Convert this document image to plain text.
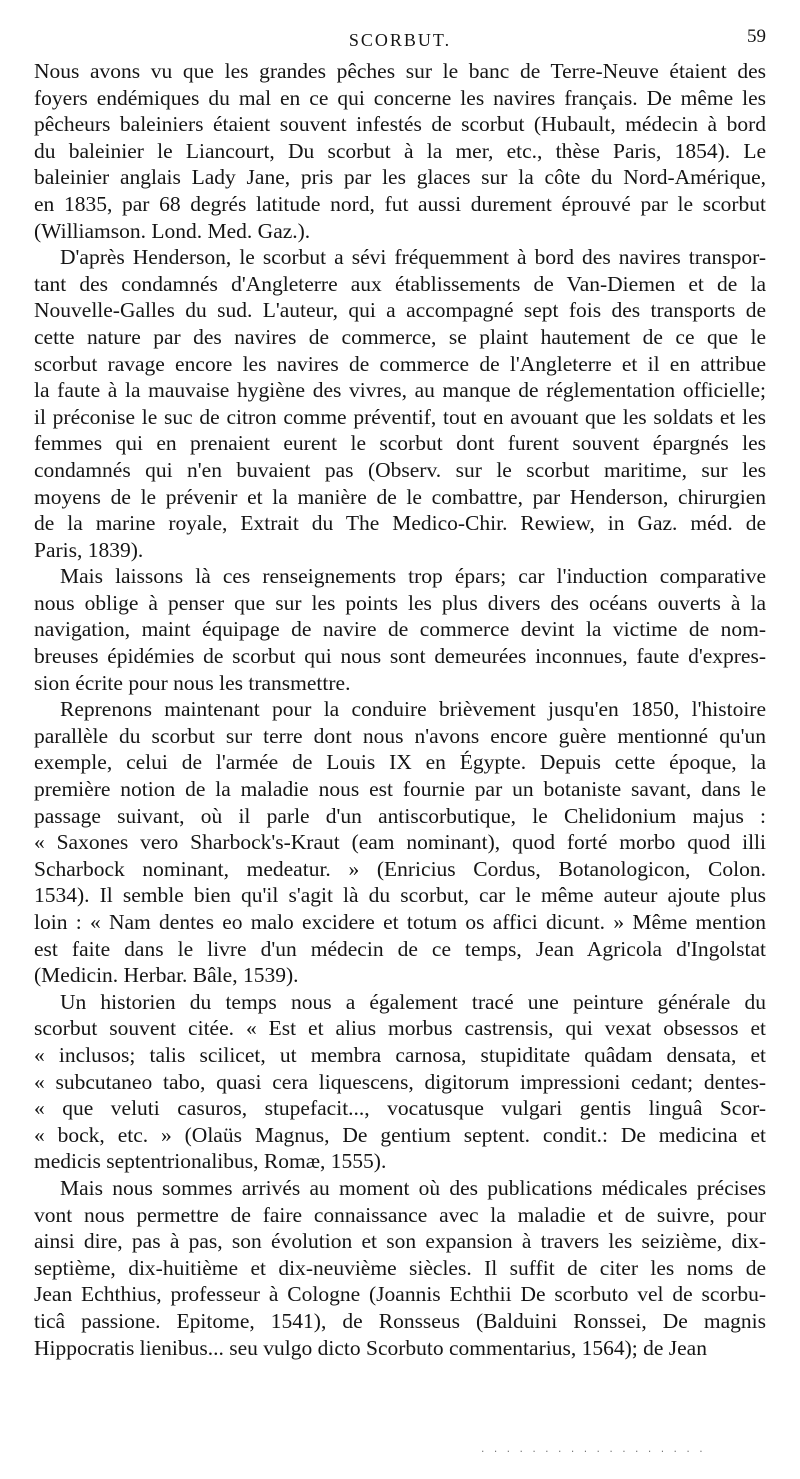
SCORBUT.	59

Nous avons vu que les grandes pêches sur le banc de Terre-Neuve étaient des
foyers endémiques du mal en ce qui concerne les navires français. De même les
pêcheurs baleiniers étaient souvent infestés de scorbut (Hubault, médecin à bord
du baleinier le Liancourt, Du scorbut à la mer, etc., thèse Paris, 1854). Le
baleinier anglais Lady Jane, pris par les glaces sur la côte du Nord-Amérique,
en 1835, par 68 degrés latitude nord, fut aussi durement éprouvé par le scorbut
(Williamson. Lond. Med. Gaz.).

D'après Henderson, le scorbut a sévi fréquemment à bord des navires transpor-
tant des condamnés d'Angleterre aux établissements de Van-Diemen et de la
Nouvelle-Galles du sud. L'auteur, qui a accompagné sept fois des transports de
cette nature par des navires de commerce, se plaint hautement de ce que le
scorbut ravage encore les navires de commerce de l'Angleterre et il en attribue
la faute à la mauvaise hygiène des vivres, au manque de réglementation officielle;
il préconise le suc de citron comme préventif, tout en avouant que les soldats et les
femmes qui en prenaient eurent le scorbut dont furent souvent épargnés les
condamnés qui n'en buvaient pas (Observ. sur le scorbut maritime, sur les
moyens de le prévenir et la manière de le combattre, par Henderson, chirurgien
de la marine royale, Extrait du The Medico-Chir. Rewiew, in Gaz. méd. de
Paris, 1839).

Mais laissons là ces renseignements trop épars; car l'induction comparative
nous oblige à penser que sur les points les plus divers des océans ouverts à la
navigation, maint équipage de navire de commerce devint la victime de nom-
breuses épidémies de scorbut qui nous sont demeurées inconnues, faute d'expres-
sion écrite pour nous les transmettre.

Reprenons maintenant pour la conduire brièvement jusqu'en 1850, l'histoire
parallèle du scorbut sur terre dont nous n'avons encore guère mentionné qu'un
exemple, celui de l'armée de Louis IX en Égypte. Depuis cette époque, la
première notion de la maladie nous est fournie par un botaniste savant, dans le
passage suivant, où il parle d'un antiscorbutique, le Chelidonium majus :
« Saxones vero Sharbock's-Kraut (eam nominant), quod forté morbo quod illi
Scharbock nominant, medeatur. » (Enricius Cordus, Botanologicon, Colon.
1534). Il semble bien qu'il s'agit là du scorbut, car le même auteur ajoute plus
loin : « Nam dentes eo malo excidere et totum os affici dicunt. » Même mention
est faite dans le livre d'un médecin de ce temps, Jean Agricola d'Ingolstat
(Medicin. Herbar. Bâle, 1539).

Un historien du temps nous a également tracé une peinture générale du
scorbut souvent citée. « Est et alius morbus castrensis, qui vexat obsessos et
« inclusos; talis scilicet, ut membra carnosa, stupiditate quâdam densata, et
« subcutaneo tabo, quasi cera liquescens, digitorum impressioni cedant; dentes-
« que veluti casuros, stupefacit..., vocatusque vulgari gentis linguâ Scor-
« bock, etc. » (Olaüs Magnus, De gentium septent. condit.: De medicina et
medicis septentrionalibus, Romæ, 1555).

Mais nous sommes arrivés au moment où des publications médicales précises
vont nous permettre de faire connaissance avec la maladie et de suivre, pour
ainsi dire, pas à pas, son évolution et son expansion à travers les seizième, dix-
septième, dix-huitième et dix-neuvième siècles. Il suffit de citer les noms de
Jean Echthius, professeur à Cologne (Joannis Echthii De scorbuto vel de scorbu-
ticâ passione. Epitome, 1541), de Ronsseus (Balduini Ronssei, De magnis
Hippocratis lienibus... seu vulgo dicto Scorbuto commentarius, 1564); de Jean

. . . . . . . . . . . . . . . . . .
